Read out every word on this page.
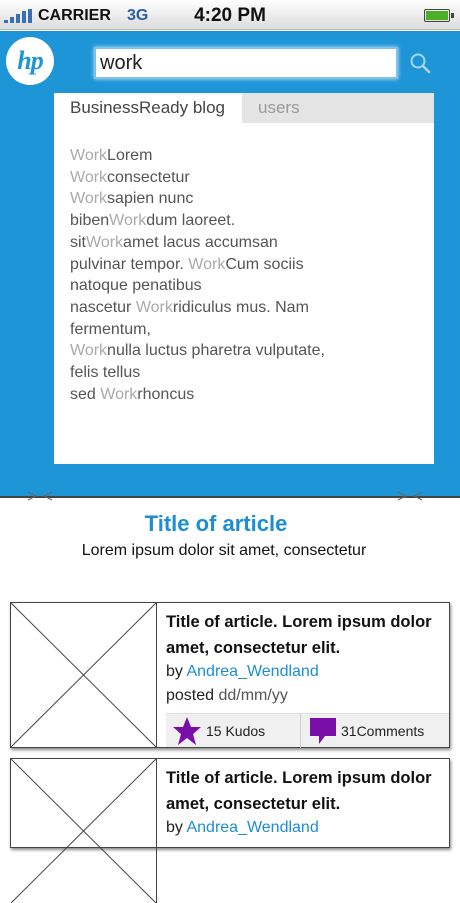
CARRIER 3G	4:20 PM
hp
work
BusinessReady blog	users
WorkLorem
Workconsectetur
Worksapien nunc
bibenWorkdum laoreet.
sitWorkamet lacus accumsan
pulvinar tempor. WorkCum sociis
natoque penatibus
nascetur Workridiculus mus. Nam
fermentum,
Worknulla luctus pharetra vulputate,
felis tellus
sed Workrhoncus
Title of article
Lorem ipsum dolor sit amet, consectetur
Title of article. Lorem ipsum dolor amet, consectetur elit.
by Andrea_Wendland
posted dd/mm/yy
15 Kudos	31Comments
Title of article. Lorem ipsum dolor amet, consectetur elit.
by Andrea_Wendland
